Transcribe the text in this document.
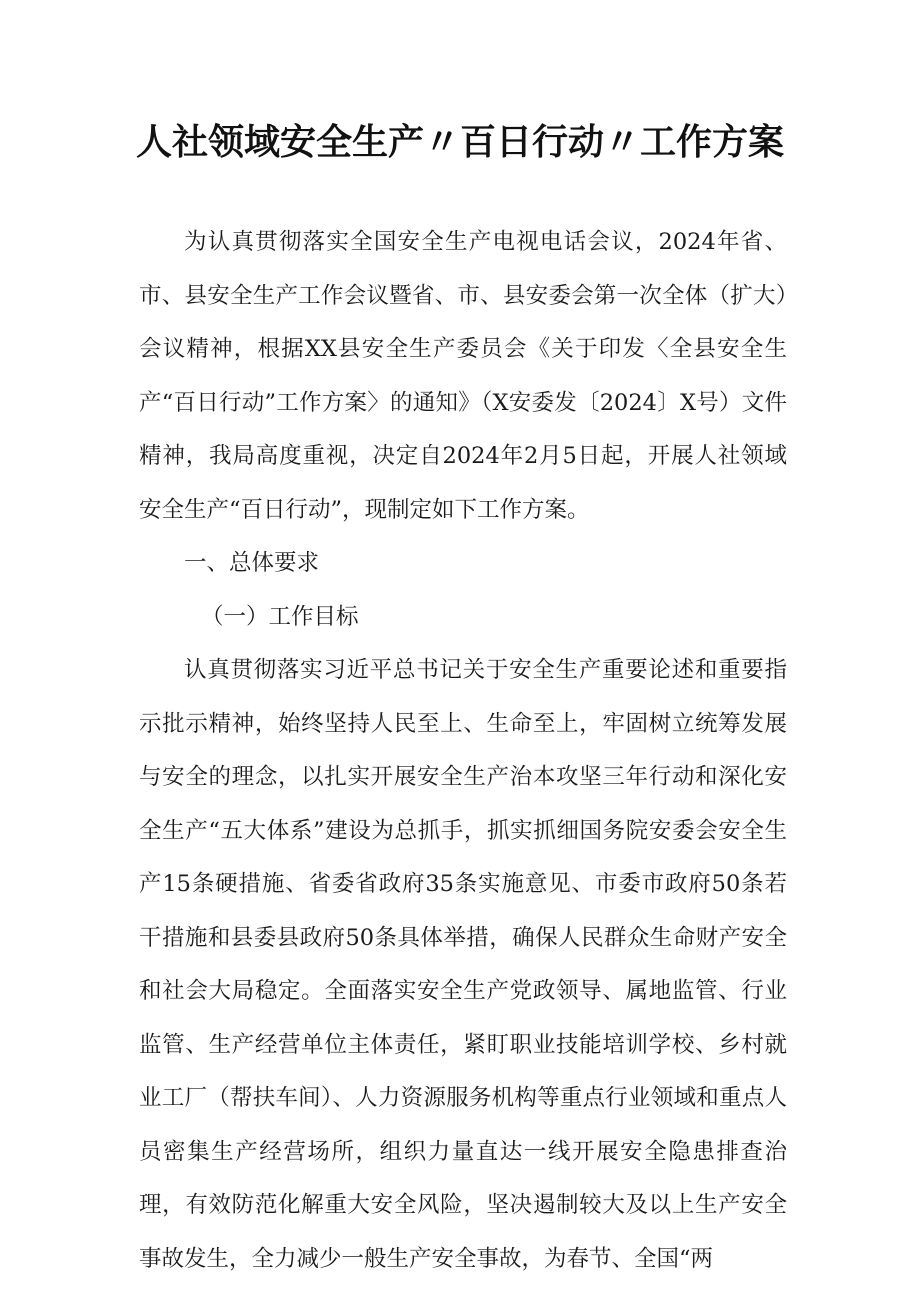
人社领域安全生产〃百日行动〃工作方案

为认真贯彻落实全国安全生产电视电话会议，2024年省、市、县安全生产工作会议暨省、市、县安委会第一次全体（扩大）会议精神，根据XX县安全生产委员会《关于印发〈全县安全生产“百日行动”工作方案〉的通知》（X安委发〔2024〕X号）文件精神，我局高度重视，决定自2024年2月5日起，开展人社领域安全生产“百日行动”，现制定如下工作方案。

一、总体要求

（一）工作目标

认真贯彻落实习近平总书记关于安全生产重要论述和重要指示批示精神，始终坚持人民至上、生命至上，牢固树立统筹发展与安全的理念，以扎实开展安全生产治本攻坚三年行动和深化安全生产“五大体系”建设为总抓手，抓实抓细国务院安委会安全生产15条硬措施、省委省政府35条实施意见、市委市政府50条若干措施和县委县政府50条具体举措，确保人民群众生命财产安全和社会大局稳定。全面落实安全生产党政领导、属地监管、行业监管、生产经营单位主体责任，紧盯职业技能培训学校、乡村就业工厂（帮扶车间）、人力资源服务机构等重点行业领域和重点人员密集生产经营场所，组织力量直达一线开展安全隐患排查治理，有效防范化解重大安全风险，坚决遏制较大及以上生产安全事故发生，全力减少一般生产安全事故，为春节、全国“两
